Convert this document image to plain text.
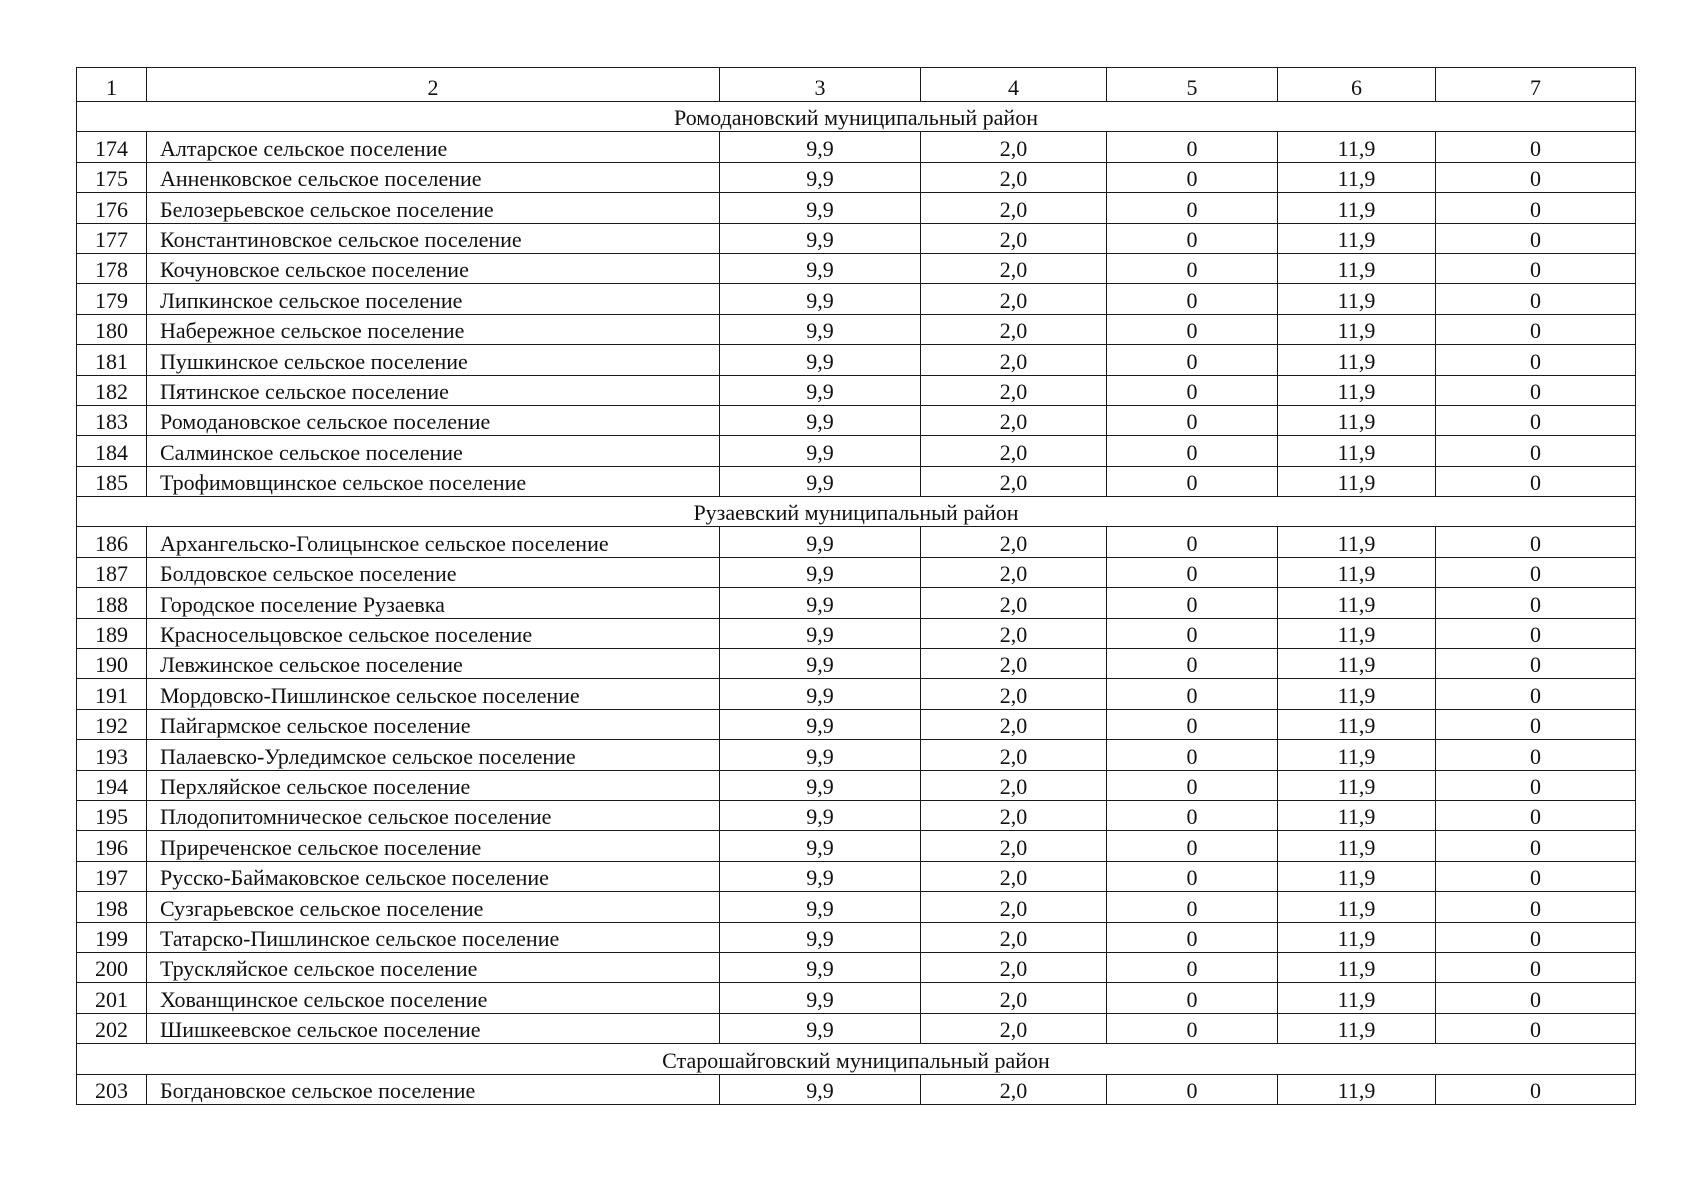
1	2	3	4	5	6	7
Ромодановский муниципальный район						
174	Алтарское сельское поселение	9,9	2,0	0	11,9	0
175	Анненковское сельское поселение	9,9	2,0	0	11,9	0
176	Белозерьевское сельское поселение	9,9	2,0	0	11,9	0
177	Константиновское сельское поселение	9,9	2,0	0	11,9	0
178	Кочуновское сельское поселение	9,9	2,0	0	11,9	0
179	Липкинское сельское поселение	9,9	2,0	0	11,9	0
180	Набережное сельское поселение	9,9	2,0	0	11,9	0
181	Пушкинское сельское поселение	9,9	2,0	0	11,9	0
182	Пятинское сельское поселение	9,9	2,0	0	11,9	0
183	Ромодановское сельское поселение	9,9	2,0	0	11,9	0
184	Салминское сельское поселение	9,9	2,0	0	11,9	0
185	Трофимовщинское сельское поселение	9,9	2,0	0	11,9	0
Рузаевский муниципальный район						
186	Архангельско-Голицынское сельское поселение	9,9	2,0	0	11,9	0
187	Болдовское сельское поселение	9,9	2,0	0	11,9	0
188	Городское поселение Рузаевка	9,9	2,0	0	11,9	0
189	Красносельцовское сельское поселение	9,9	2,0	0	11,9	0
190	Левжинское сельское поселение	9,9	2,0	0	11,9	0
191	Мордовско-Пишлинское сельское поселение	9,9	2,0	0	11,9	0
192	Пайгармское сельское поселение	9,9	2,0	0	11,9	0
193	Палаевско-Урледимское сельское поселение	9,9	2,0	0	11,9	0
194	Перхляйское сельское поселение	9,9	2,0	0	11,9	0
195	Плодопитомническое сельское поселение	9,9	2,0	0	11,9	0
196	Приреченское сельское поселение	9,9	2,0	0	11,9	0
197	Русско-Баймаковское сельское поселение	9,9	2,0	0	11,9	0
198	Сузгарьевское сельское поселение	9,9	2,0	0	11,9	0
199	Татарско-Пишлинское сельское поселение	9,9	2,0	0	11,9	0
200	Трускляйское сельское поселение	9,9	2,0	0	11,9	0
201	Хованщинское сельское поселение	9,9	2,0	0	11,9	0
202	Шишкеевское сельское поселение	9,9	2,0	0	11,9	0
Старошайговский муниципальный район						
203	Богдановское сельское поселение	9,9	2,0	0	11,9	0
